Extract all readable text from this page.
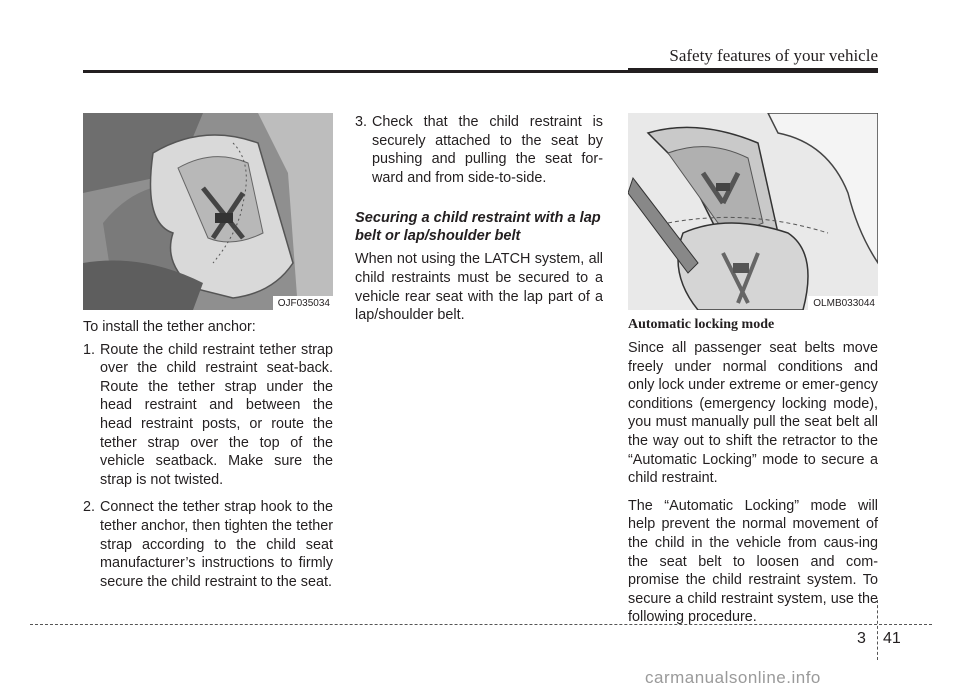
Safety features of your vehicle
OJF035034

To install the tether anchor:

1. Route the child restraint tether strap over the child restraint seat-back. Route the tether strap under the head restraint and between the head restraint posts, or route the tether strap over the top of the vehicle seatback. Make sure the strap is not twisted.
2. Connect the tether strap hook to the tether anchor, then tighten the tether strap according to the child seat manufacturer’s instructions to firmly secure the child restraint to the seat.
3. Check that the child restraint is securely attached to the seat by pushing and pulling the seat for-ward and from side-to-side.

Securing a child restraint with a lap belt or lap/shoulder belt

When not using the LATCH system, all child restraints must be secured to a vehicle rear seat with the lap part of a lap/shoulder belt.

OLMB033044

Automatic locking mode

Since all passenger seat belts move freely under normal conditions and only lock under extreme or emer-gency conditions (emergency locking mode), you must manually pull the seat belt all the way out to shift the retractor to the “Automatic Locking” mode to secure a child restraint.

The “Automatic Locking” mode will help prevent the normal movement of the child in the vehicle from caus-ing the seat belt to loosen and com-promise the child restraint system. To secure a child restraint system, use the following procedure.

3 41
carmanualsonline.info
